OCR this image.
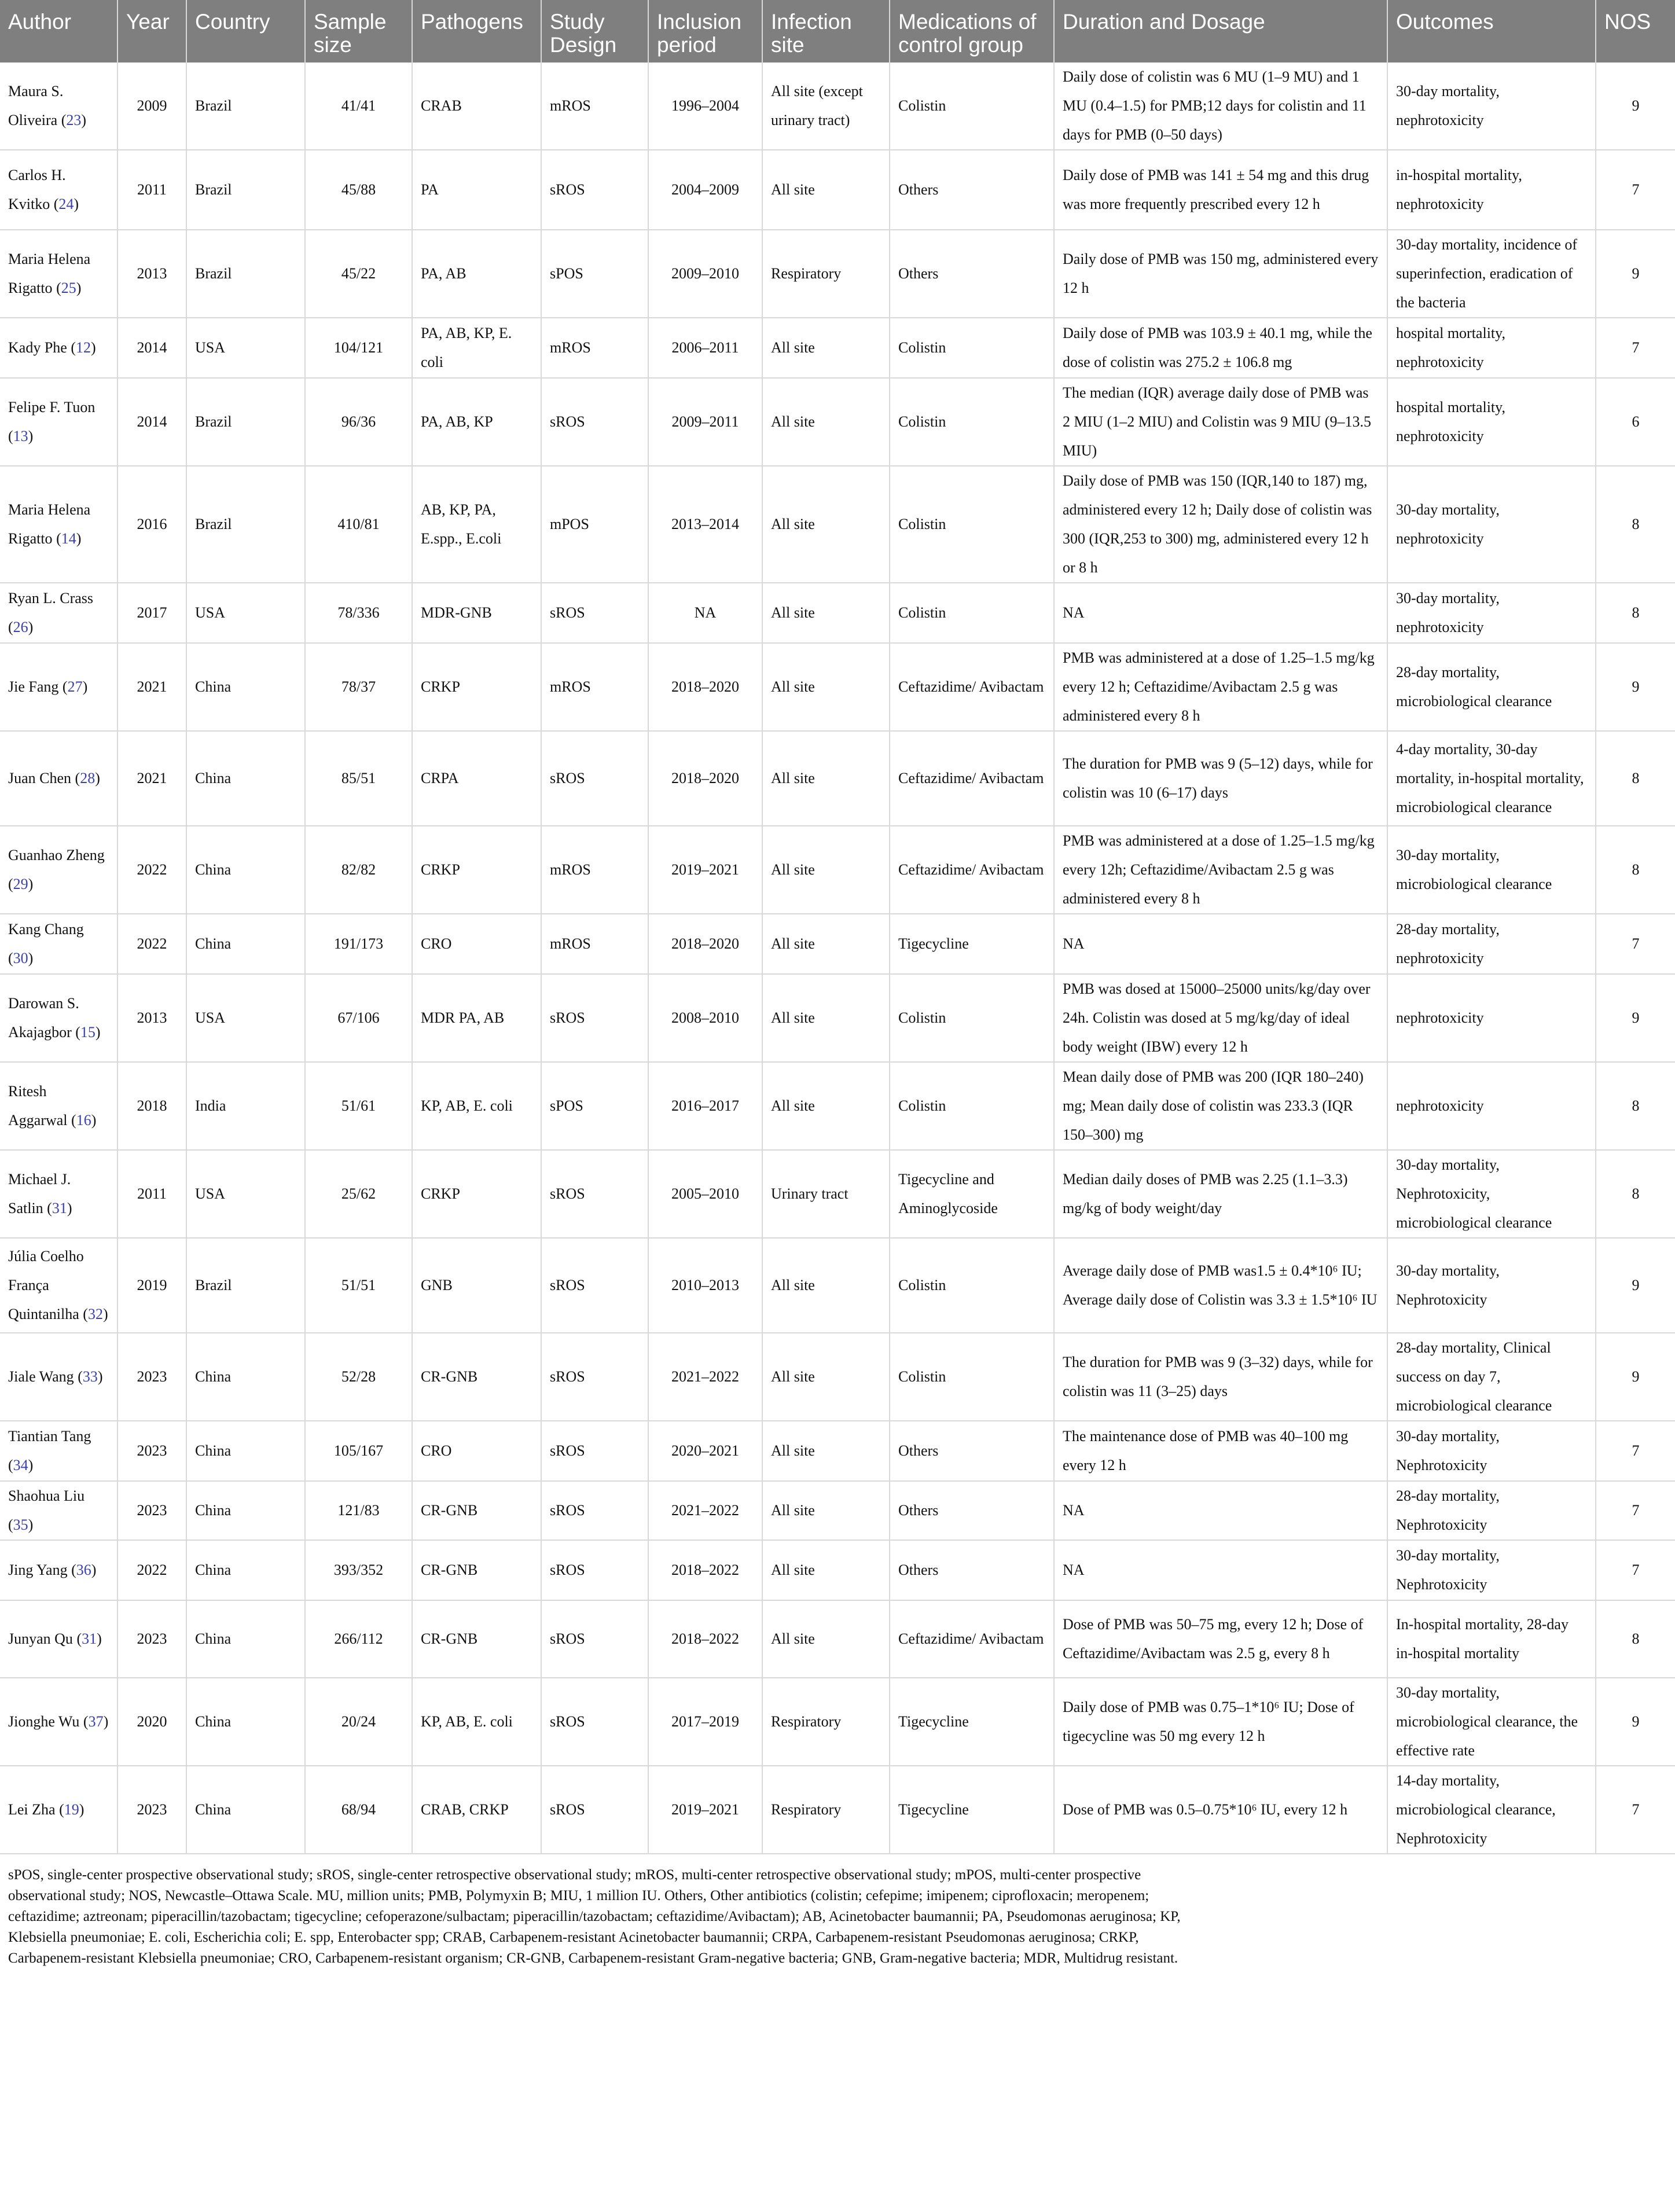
Author	Year	Country	Sample size	Pathogens	Study Design	Inclusion period	Infection site	Medications of control group	Duration and Dosage	Outcomes	NOS
Maura S. Oliveira (23)	2009	Brazil	41/41	CRAB	mROS	1996–2004	All site (except urinary tract)	Colistin	Daily dose of colistin was 6 MU (1–9 MU) and 1 MU (0.4–1.5) for PMB;12 days for colistin and 11 days for PMB (0–50 days)	30-day mortality, nephrotoxicity	9
Carlos H. Kvitko (24)	2011	Brazil	45/88	PA	sROS	2004–2009	All site	Others	Daily dose of PMB was 141 ± 54 mg and this drug was more frequently prescribed every 12 h	in-hospital mortality, nephrotoxicity	7
Maria Helena Rigatto (25)	2013	Brazil	45/22	PA, AB	sPOS	2009–2010	Respiratory	Others	Daily dose of PMB was 150 mg, administered every 12 h	30-day mortality, incidence of superinfection, eradication of the bacteria	9
Kady Phe (12)	2014	USA	104/121	PA, AB, KP, E. coli	mROS	2006–2011	All site	Colistin	Daily dose of PMB was 103.9 ± 40.1 mg, while the dose of colistin was 275.2 ± 106.8 mg	hospital mortality, nephrotoxicity	7
Felipe F. Tuon (13)	2014	Brazil	96/36	PA, AB, KP	sROS	2009–2011	All site	Colistin	The median (IQR) average daily dose of PMB was 2 MIU (1–2 MIU) and Colistin was 9 MIU (9–13.5 MIU)	hospital mortality, nephrotoxicity	6
Maria Helena Rigatto (14)	2016	Brazil	410/81	AB, KP, PA, E.spp., E.coli	mPOS	2013–2014	All site	Colistin	Daily dose of PMB was 150 (IQR,140 to 187) mg, administered every 12 h; Daily dose of colistin was 300 (IQR,253 to 300) mg, administered every 12 h or 8 h	30-day mortality, nephrotoxicity	8
Ryan L. Crass (26)	2017	USA	78/336	MDR-GNB	sROS	NA	All site	Colistin	NA	30-day mortality, nephrotoxicity	8
Jie Fang (27)	2021	China	78/37	CRKP	mROS	2018–2020	All site	Ceftazidime/ Avibactam	PMB was administered at a dose of 1.25–1.5 mg/kg every 12 h; Ceftazidime/Avibactam 2.5 g was administered every 8 h	28-day mortality, microbiological clearance	9
Juan Chen (28)	2021	China	85/51	CRPA	sROS	2018–2020	All site	Ceftazidime/ Avibactam	The duration for PMB was 9 (5–12) days, while for colistin was 10 (6–17) days	4-day mortality, 30-day mortality, in-hospital mortality, microbiological clearance	8
Guanhao Zheng (29)	2022	China	82/82	CRKP	mROS	2019–2021	All site	Ceftazidime/ Avibactam	PMB was administered at a dose of 1.25–1.5 mg/kg every 12h; Ceftazidime/Avibactam 2.5 g was administered every 8 h	30-day mortality, microbiological clearance	8
Kang Chang (30)	2022	China	191/173	CRO	mROS	2018–2020	All site	Tigecycline	NA	28-day mortality, nephrotoxicity	7
Darowan S. Akajagbor (15)	2013	USA	67/106	MDR PA, AB	sROS	2008–2010	All site	Colistin	PMB was dosed at 15000–25000 units/kg/day over 24h. Colistin was dosed at 5 mg/kg/day of ideal body weight (IBW) every 12 h	nephrotoxicity	9
Ritesh Aggarwal (16)	2018	India	51/61	KP, AB, E. coli	sPOS	2016–2017	All site	Colistin	Mean daily dose of PMB was 200 (IQR 180–240) mg; Mean daily dose of colistin was 233.3 (IQR 150–300) mg	nephrotoxicity	8
Michael J. Satlin (31)	2011	USA	25/62	CRKP	sROS	2005–2010	Urinary tract	Tigecycline and Aminoglycoside	Median daily doses of PMB was 2.25 (1.1–3.3) mg/kg of body weight/day	30-day mortality, Nephrotoxicity, microbiological clearance	8
Júlia Coelho França Quintanilha (32)	2019	Brazil	51/51	GNB	sROS	2010–2013	All site	Colistin	Average daily dose of PMB was1.5 ± 0.4*10⁶ IU; Average daily dose of Colistin was 3.3 ± 1.5*10⁶ IU	30-day mortality, Nephrotoxicity	9
Jiale Wang (33)	2023	China	52/28	CR-GNB	sROS	2021–2022	All site	Colistin	The duration for PMB was 9 (3–32) days, while for colistin was 11 (3–25) days	28-day mortality, Clinical success on day 7, microbiological clearance	9
Tiantian Tang (34)	2023	China	105/167	CRO	sROS	2020–2021	All site	Others	The maintenance dose of PMB was 40–100 mg every 12 h	30-day mortality, Nephrotoxicity	7
Shaohua Liu (35)	2023	China	121/83	CR-GNB	sROS	2021–2022	All site	Others	NA	28-day mortality, Nephrotoxicity	7
Jing Yang (36)	2022	China	393/352	CR-GNB	sROS	2018–2022	All site	Others	NA	30-day mortality, Nephrotoxicity	7
Junyan Qu (31)	2023	China	266/112	CR-GNB	sROS	2018–2022	All site	Ceftazidime/ Avibactam	Dose of PMB was 50–75 mg, every 12 h; Dose of Ceftazidime/Avibactam was 2.5 g, every 8 h	In-hospital mortality, 28-day in-hospital mortality	8
Jionghe Wu (37)	2020	China	20/24	KP, AB, E. coli	sROS	2017–2019	Respiratory	Tigecycline	Daily dose of PMB was 0.75–1*10⁶ IU; Dose of tigecycline was 50 mg every 12 h	30-day mortality, microbiological clearance, the effective rate	9
Lei Zha (19)	2023	China	68/94	CRAB, CRKP	sROS	2019–2021	Respiratory	Tigecycline	Dose of PMB was 0.5–0.75*10⁶ IU, every 12 h	14-day mortality, microbiological clearance, Nephrotoxicity	7
sPOS, single-center prospective observational study; sROS, single-center retrospective observational study; mROS, multi-center retrospective observational study; mPOS, multi-center prospective observational study; NOS, Newcastle–Ottawa Scale. MU, million units; PMB, Polymyxin B; MIU, 1 million IU. Others, Other antibiotics (colistin; cefepime; imipenem; ciprofloxacin; meropenem; ceftazidime; aztreonam; piperacillin/tazobactam; tigecycline; cefoperazone/sulbactam; piperacillin/tazobactam; ceftazidime/Avibactam); AB, Acinetobacter baumannii; PA, Pseudomonas aeruginosa; KP, Klebsiella pneumoniae; E. coli, Escherichia coli; E. spp, Enterobacter spp; CRAB, Carbapenem-resistant Acinetobacter baumannii; CRPA, Carbapenem-resistant Pseudomonas aeruginosa; CRKP, Carbapenem-resistant Klebsiella pneumoniae; CRO, Carbapenem-resistant organism; CR-GNB, Carbapenem-resistant Gram-negative bacteria; GNB, Gram-negative bacteria; MDR, Multidrug resistant.
